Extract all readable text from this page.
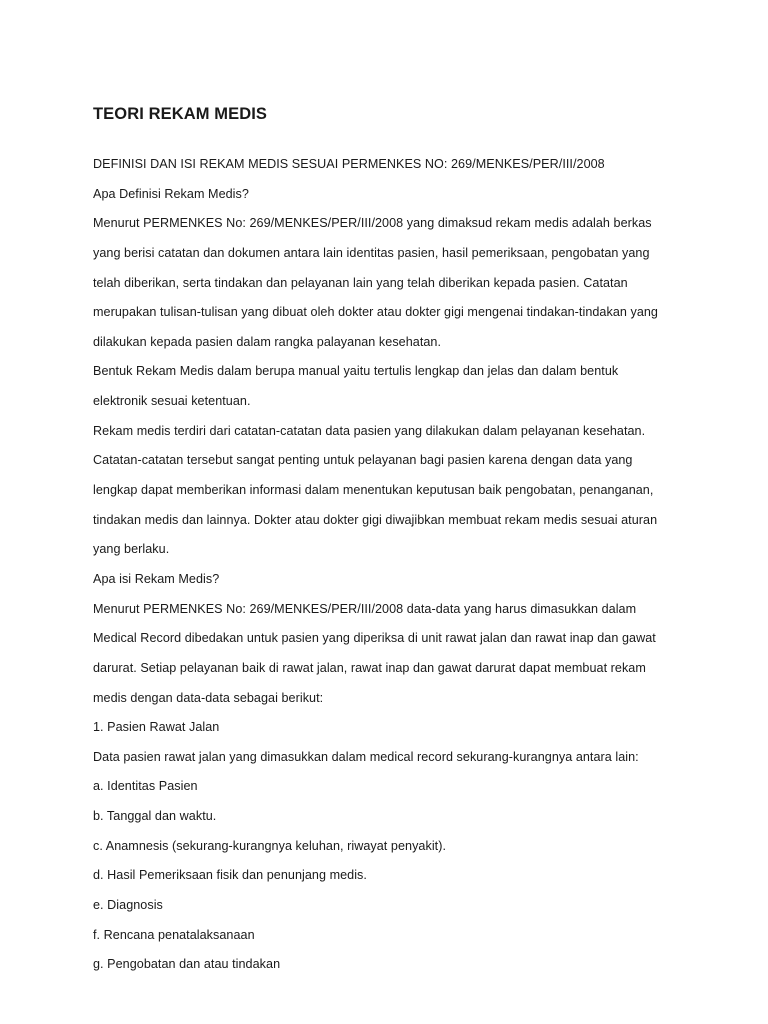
TEORI REKAM MEDIS
DEFINISI DAN ISI REKAM MEDIS SESUAI PERMENKES NO: 269/MENKES/PER/III/2008
Apa Definisi Rekam Medis?
Menurut PERMENKES No: 269/MENKES/PER/III/2008 yang dimaksud rekam medis adalah berkas
yang berisi catatan dan dokumen antara lain identitas pasien, hasil pemeriksaan, pengobatan yang
telah diberikan, serta tindakan dan pelayanan lain yang telah diberikan kepada pasien. Catatan
merupakan tulisan-tulisan yang dibuat oleh dokter atau dokter gigi mengenai tindakan-tindakan yang
dilakukan kepada pasien dalam rangka palayanan kesehatan.
Bentuk Rekam Medis dalam berupa manual yaitu tertulis lengkap dan jelas dan dalam bentuk
elektronik sesuai ketentuan.
Rekam medis terdiri dari catatan-catatan data pasien yang dilakukan dalam pelayanan kesehatan.
Catatan-catatan tersebut sangat penting untuk pelayanan bagi pasien karena dengan data yang
lengkap dapat memberikan informasi dalam menentukan keputusan baik pengobatan, penanganan,
tindakan medis dan lainnya. Dokter atau dokter gigi diwajibkan membuat rekam medis sesuai aturan
yang berlaku.
Apa isi Rekam Medis?
Menurut PERMENKES No: 269/MENKES/PER/III/2008 data-data yang harus dimasukkan dalam
Medical Record dibedakan untuk pasien yang diperiksa di unit rawat jalan dan rawat inap dan gawat
darurat. Setiap pelayanan baik di rawat jalan, rawat inap dan gawat darurat dapat membuat rekam
medis dengan data-data sebagai berikut:
1. Pasien Rawat Jalan
Data pasien rawat jalan yang dimasukkan dalam medical record sekurang-kurangnya antara lain:
a. Identitas Pasien
b. Tanggal dan waktu.
c. Anamnesis (sekurang-kurangnya keluhan, riwayat penyakit).
d. Hasil Pemeriksaan fisik dan penunjang medis.
e. Diagnosis
f. Rencana penatalaksanaan
g. Pengobatan dan atau tindakan
